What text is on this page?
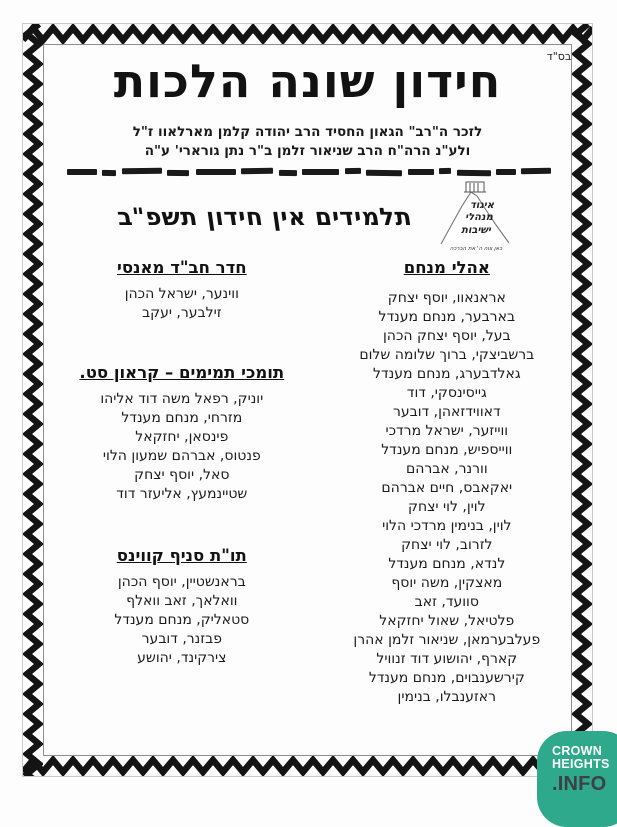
בס"ד
חידון שונה הלכות
לזכר ה"רב" הגאון החסיד הרב יהודה קלמן מארלאוו ז"ל
ולע"נ הרה"ח הרב שניאור זלמן ב"ר נתן גורארי' ע"ה
תלמידים אין חידון תשפ"ב	איגוד
מנהלי
ישיבות
כאן צוה ה' את הברכה
אהלי מנחם
אראנאוו, יוסף יצחק
בארבער, מנחם מענדל
בעל, יוסף יצחק הכהן
ברשביצקי, ברוך שלומה שלום
גאלדבערג, מנחם מענדל
גייסינסקי, דוד
דאווידזאהן, דובער
ווייזער, ישראל מרדכי
ווייספיש, מנחם מענדל
וורנר, אברהם
יאקאבס, חיים אברהם
לוין, לוי יצחק
לוין, בנימין מרדכי הלוי
לזרוב, לוי יצחק
לנדא, מנחם מענדל
מאצקין, משה יוסף
סוועד, זאב
פלטיאל, שאול יחזקאל
פעלבערמאן, שניאור זלמן אהרן
קארף, יהושוע דוד זנוויל
קירשענבוים, מנחם מענדל
ראזענבלו, בנימין
חדר חב"ד מאנסי
ווינער, ישראל הכהן
זילבער, יעקב
תומכי תמימים – קראון סט.
יוניק, רפאל משה דוד אליהו
מזרחי, מנחם מענדל
פינסאן, יחזקאל
פנטוס, אברהם שמעון הלוי
סאל, יוסף יצחק
שטיינמעץ, אליעזר דוד
תו"ת סניף קווינס
בראנשטיין, יוסף הכהן
וואלאך, זאב וואלף
סטאליק, מנחם מענדל
פבזנר, דובער
צירקינד, יהושע
CROWN
HEIGHTS
.INFO
